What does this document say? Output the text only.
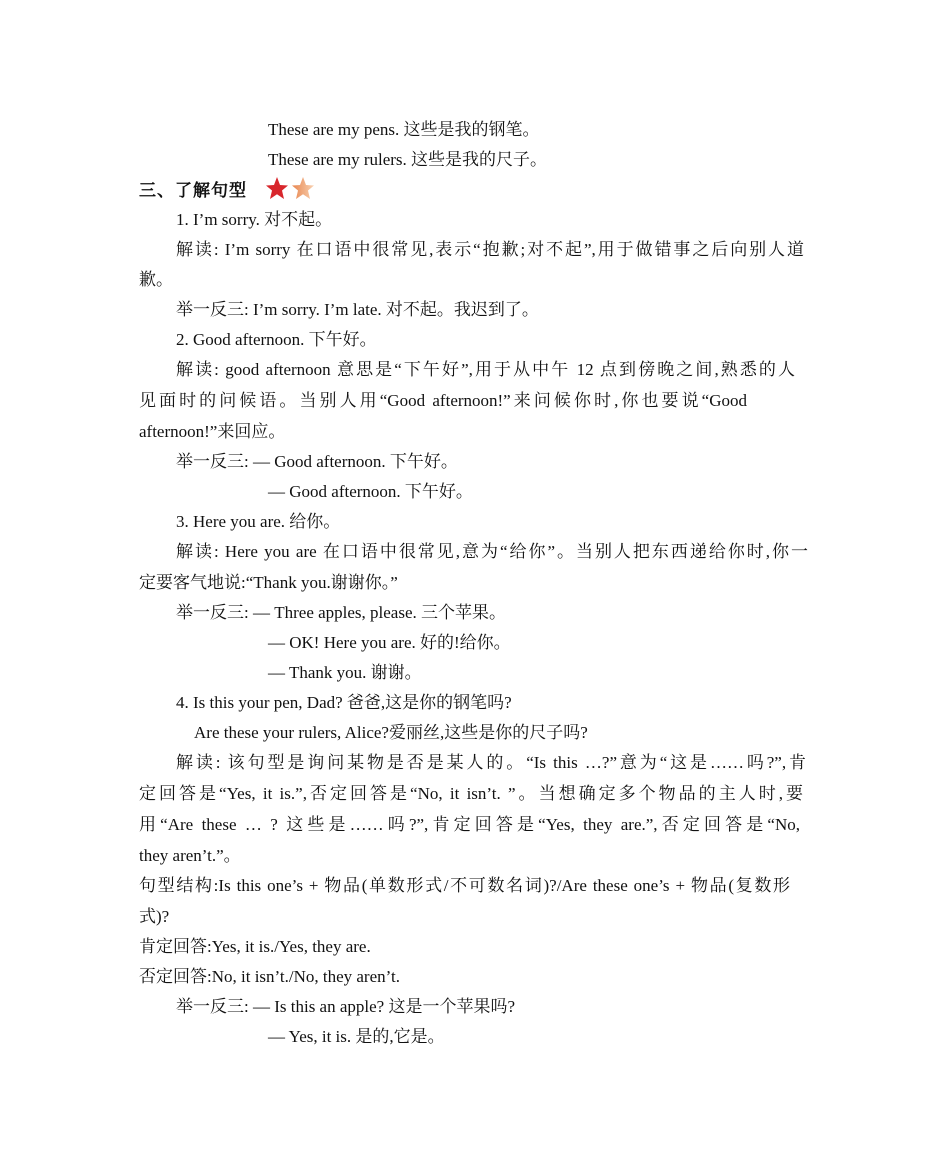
These are my pens. 这些是我的钢笔。
These are my rulers. 这些是我的尺子。
三、了解句型
1. I’m sorry. 对不起。
解读: I’m sorry 在口语中很常见,表示“抱歉;对不起”,用于做错事之后向别人道
歉。
举一反三: I’m sorry. I’m late. 对不起。我迟到了。
2. Good afternoon. 下午好。
解读: good afternoon 意思是“下午好”,用于从中午 12 点到傍晚之间,熟悉的人
见面时的问候语。当别人用“Good afternoon!”来问候你时,你也要说“Good
afternoon!”来回应。
举一反三: — Good afternoon. 下午好。
— Good afternoon. 下午好。
3. Here you are. 给你。
解读: Here you are 在口语中很常见,意为“给你”。当别人把东西递给你时,你一
定要客气地说:“Thank you.谢谢你。”
举一反三: — Three apples, please. 三个苹果。
— OK! Here you are. 好的!给你。
— Thank you. 谢谢。
4. Is this your pen, Dad? 爸爸,这是你的钢笔吗?
Are these your rulers, Alice?爱丽丝,这些是你的尺子吗?
解读: 该句型是询问某物是否是某人的。“Is this …?”意为“这是……吗?”,肯
定回答是“Yes, it is.”,否定回答是“No, it isn’t. ”。当想确定多个物品的主人时,要
用“Are these … ? 这些是……吗?”,肯定回答是“Yes, they are.”,否定回答是“No,
they aren’t.”。
句型结构:Is this one’s + 物品(单数形式/不可数名词)?/Are these one’s + 物品(复数形
式)?
肯定回答:Yes, it is./Yes, they are.
否定回答:No, it isn’t./No, they aren’t.
举一反三: — Is this an apple? 这是一个苹果吗?
— Yes, it is. 是的,它是。
